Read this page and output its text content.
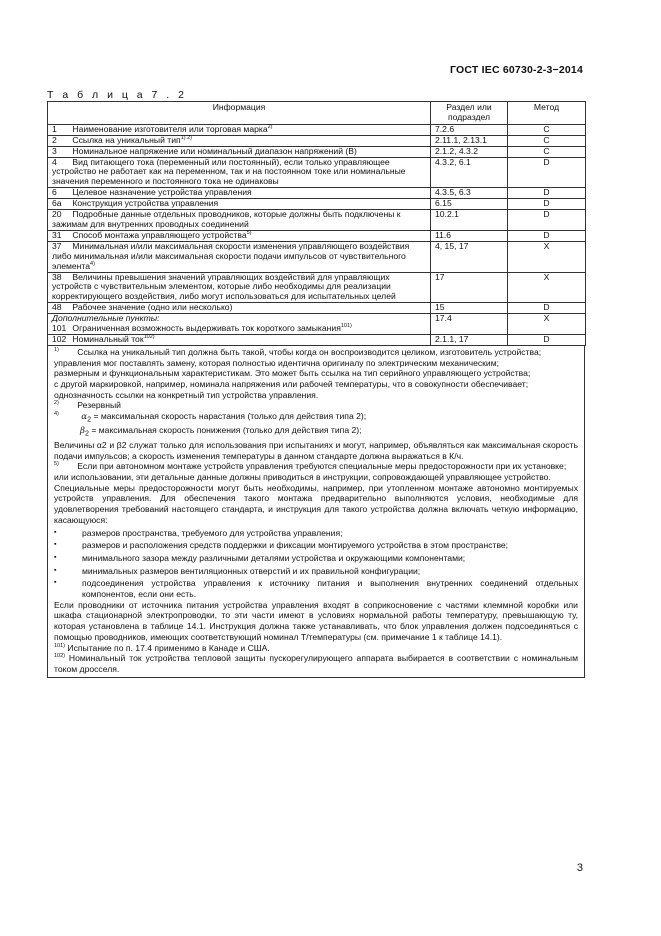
ГОСТ IEC 60730-2-3−2014
Т а б л и ц а 7 . 2
Информация	Раздел или подраздел	Метод
1 Наименование изготовителя или торговая марка$^{2)}$	7.2.6	C
2 Ссылка на уникальный тип$^{1) 2)}$	2.11.1, 2.13.1	C
3 Номинальное напряжение или номинальный диапазон напряжений (В)	2.1.2, 4.3.2	C
4 Вид питающего тока (переменный или постоянный), если только управляющее устройство не работает как на переменном, так и на постоянном токе или номинальные значения переменного и постоянного тока не одинаковы	4.3.2, 6.1	D
6 Целевое назначение устройства управления	4.3.5, 6.3	D
6a Конструкция устройства управления	6.15	D
20 Подробные данные отдельных проводников, которые должны быть подключены к зажимам для внутренних проводных соединений	10.2.1	D
31 Способ монтажа управляющего устройства$^{5)}$	11.6	D
37 Минимальная и/или максимальная скорости изменения управляющего воздействия либо минимальная и/или максимальная скорости подачи импульсов от чувствительного элемента$^{4)}$	4, 15, 17	X
38 Величины превышения значений управляющих воздействий для управляющих устройств с чувствительным элементом, которые либо необходимы для реализации корректирующего воздействия, либо могут использоваться для испытательных целей	17	X
48 Рабочее значение (одно или несколько)	15	D

Дополнительные пункты:
101 Ограниченная возможность выдерживать ток короткого замыкания$^{101)}$	17.4	X
102 Номинальный ток$^{102)}$	2.1.1, 17	D

$^{1)}$ Ссылка на уникальный тип должна быть такой, чтобы когда он воспроизводится целиком, изготовитель устройства;

управления мог поставлять замену, которая полностью идентична оригиналу по электрическим механическим;

размерным и функциональным характеристикам. Это может быть ссылка на тип серийного управляющего устройства;

с другой маркировкой, например, номинала напряжения или рабочей температуры, что в совокупности обеспечивает;

однозначность ссылки на конкретный тип устройства управления.

$^{2)}$ Резервный

$^{4)}$	$\alpha_2$ = максимальная скорость нарастания (только для действия типа 2);

$\beta_2$ = максимальная скорость понижения (только для действия типа 2);

Величины α2 и β2 служат только для использования при испытаниях и могут, например, объявляться как максимальная скорость подачи импульсов; а скорость изменения температуры в данном стандарте должна выражаться в К/ч.

$^{5)}$ Если при автономном монтаже устройств управления требуются специальные меры предосторожности при их установке;

или использовании, эти детальные данные должны приводиться в инструкции, сопровождающей управляющее устройство.

Специальные меры предосторожности могут быть необходимы, например, при утопленном монтаже автономно монтируемых устройств управления. Для обеспечения такого монтажа предварительно выполняются условия, необходимые для удовлетворения требований настоящего стандарта, и инструкция для такого устройства должна включать четкую информацию, касающуюся:

▪	размеров пространства, требуемого для устройства управления;
▪	размеров и расположения средств поддержки и фиксации монтируемого устройства в этом пространстве;
▪	минимального зазора между различными деталями устройства и окружающими компонентами;
▪	минимальных размеров вентиляционных отверстий и их правильной конфигурации;
▪	подсоединения устройства управления к источнику питания и выполнения внутренних соединений отдельных компонентов, если они есть.

Если проводники от источника питания устройства управления входят в соприкосновение с частями клеммной коробки или шкафа стационарной электропроводки, то эти части имеют в условиях нормальной работы температуру, превышающую ту, которая установлена в таблице 14.1. Инструкция должна также устанавливать, что блок управления должен подсоединяться с помощью проводников, имеющих соответствующий номинал T/температуры (см. примечание 1 к таблице 14.1).

$^{101)}$ Испытание по п. 17.4 применимо в Канаде и США.

$^{102)}$ Номинальный ток устройства тепловой защиты пускорегулирующего аппарата выбирается в соответствии с номинальным током дросселя.

3
